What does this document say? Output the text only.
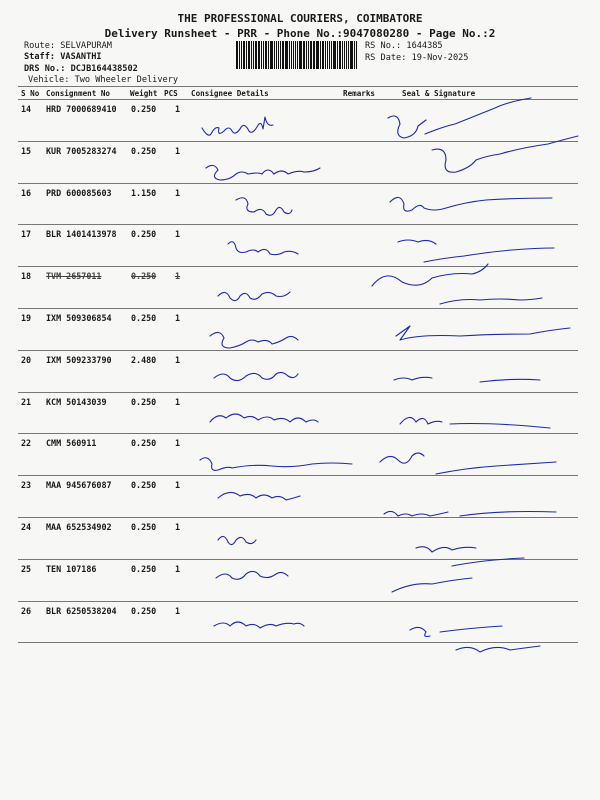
THE PROFESSIONAL COURIERS, COIMBATORE
Delivery Runsheet - PRR - Phone No.:9047080280 - Page No.:2
Route: SELVAPURAM
Staff: VASANTHI
DRS No.: DCJB164438502
Vehicle: Two Wheeler Delivery
RS No.: 1644385
RS Date: 19-Nov-2025
S No Consignment No	Weight PCS Consignee Details	Remarks	Seal & Signature
14 HRD 7000689410 0.250 1
15 KUR 7005283274 0.250 1
16 PRD 600085603 1.150 1
17 BLR 1401413978 0.250 1
18 TVM 2657011	0.250 1
19 IXM 509306854 0.250 1
20 IXM 509233790 2.480 1
21 KCM 50143039	0.250 1
22 CMM 560911	0.250 1
23 MAA 945676087 0.250 1
24 MAA 652534902 0.250 1
25 TEN 107186	0.250 1
26 BLR 6250538204 0.250 1
